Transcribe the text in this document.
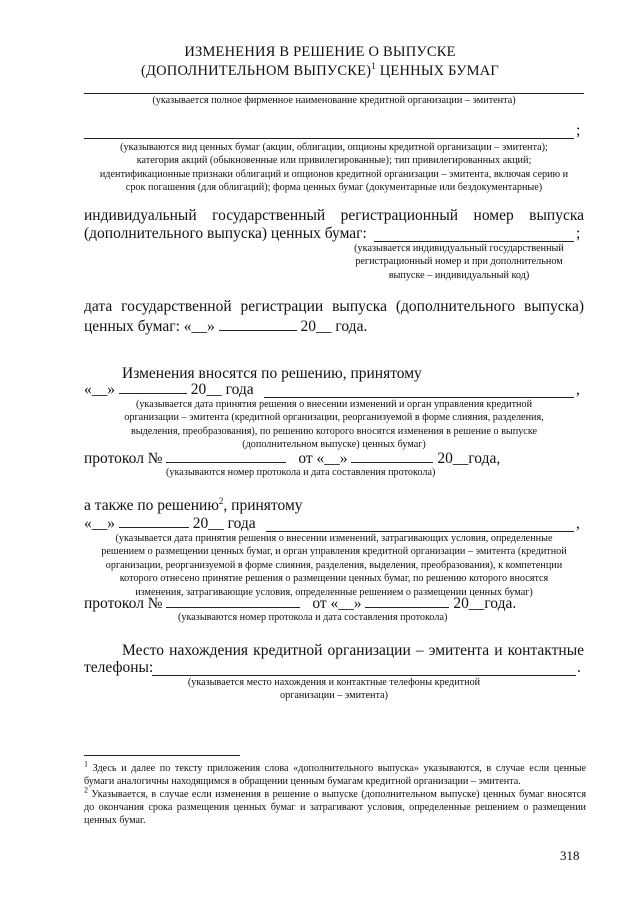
ИЗМЕНЕНИЯ В РЕШЕНИЕ О ВЫПУСКЕ
(ДОПОЛНИТЕЛЬНОМ ВЫПУСКЕ)$^1$ ЦЕННЫХ БУМАГ
(указывается полное фирменное наименование кредитной организации – эмитента)
;
(указываются вид ценных бумаг (акции, облигации, опционы кредитной организации – эмитента);
категория акций (обыкновенные или привилегированные); тип привилегированных акций;
идентификационные признаки облигаций и опционов кредитной организации – эмитента, включая серию и
срок погашения (для облигаций); форма ценных бумаг (документарные или бездокументарные)
индивидуальный государственный регистрационный номер выпуска
(дополнительного выпуска) ценных бумаг:	;
(указывается индивидуальный государственный
регистрационный номер и при дополнительном
выпуске – индивидуальный код)
дата государственной регистрации выпуска (дополнительного выпуска)
ценных бумаг: «__»	20__ года.
Изменения вносятся по решению, принятому
«__»	20__ года	,
(указывается дата принятия решения о внесении изменений и орган управления кредитной
организации – эмитента (кредитной организации, реорганизуемой в форме слияния, разделения,
выделения, преобразования), по решению которого вносятся изменения в решение о выпуске
(дополнительном выпуске) ценных бумаг)
протокол №	от «__»	20__года,
(указываются номер протокола и дата составления протокола)
а также по решению$^2$, принятому
«__»	20__ года	,
(указывается дата принятия решения о внесении изменений, затрагивающих условия, определенные
решением о размещении ценных бумаг, и орган управления кредитной организации – эмитента (кредитной
организации, реорганизуемой в форме слияния, разделения, выделения, преобразования), к компетенции
которого отнесено принятие решения о размещении ценных бумаг, по решению которого вносятся
изменения, затрагивающие условия, определенные решением о размещении ценных бумаг)
протокол №	от «__»	20__года.
(указываются номер протокола и дата составления протокола)
Место нахождения кредитной организации – эмитента и контактные
телефоны:	.
(указывается место нахождения и контактные телефоны кредитной
организации – эмитента)

$^1$ Здесь и далее по тексту приложения слова «дополнительного выпуска» указываются, в случае если ценные бумаги аналогичны находящимся в обращении ценным бумагам кредитной организации – эмитента.

$^2$ Указывается, в случае если изменения в решение о выпуске (дополнительном выпуске) ценных бумаг вносятся до окончания срока размещения ценных бумаг и затрагивают условия, определенные решением о размещении ценных бумаг.

318
